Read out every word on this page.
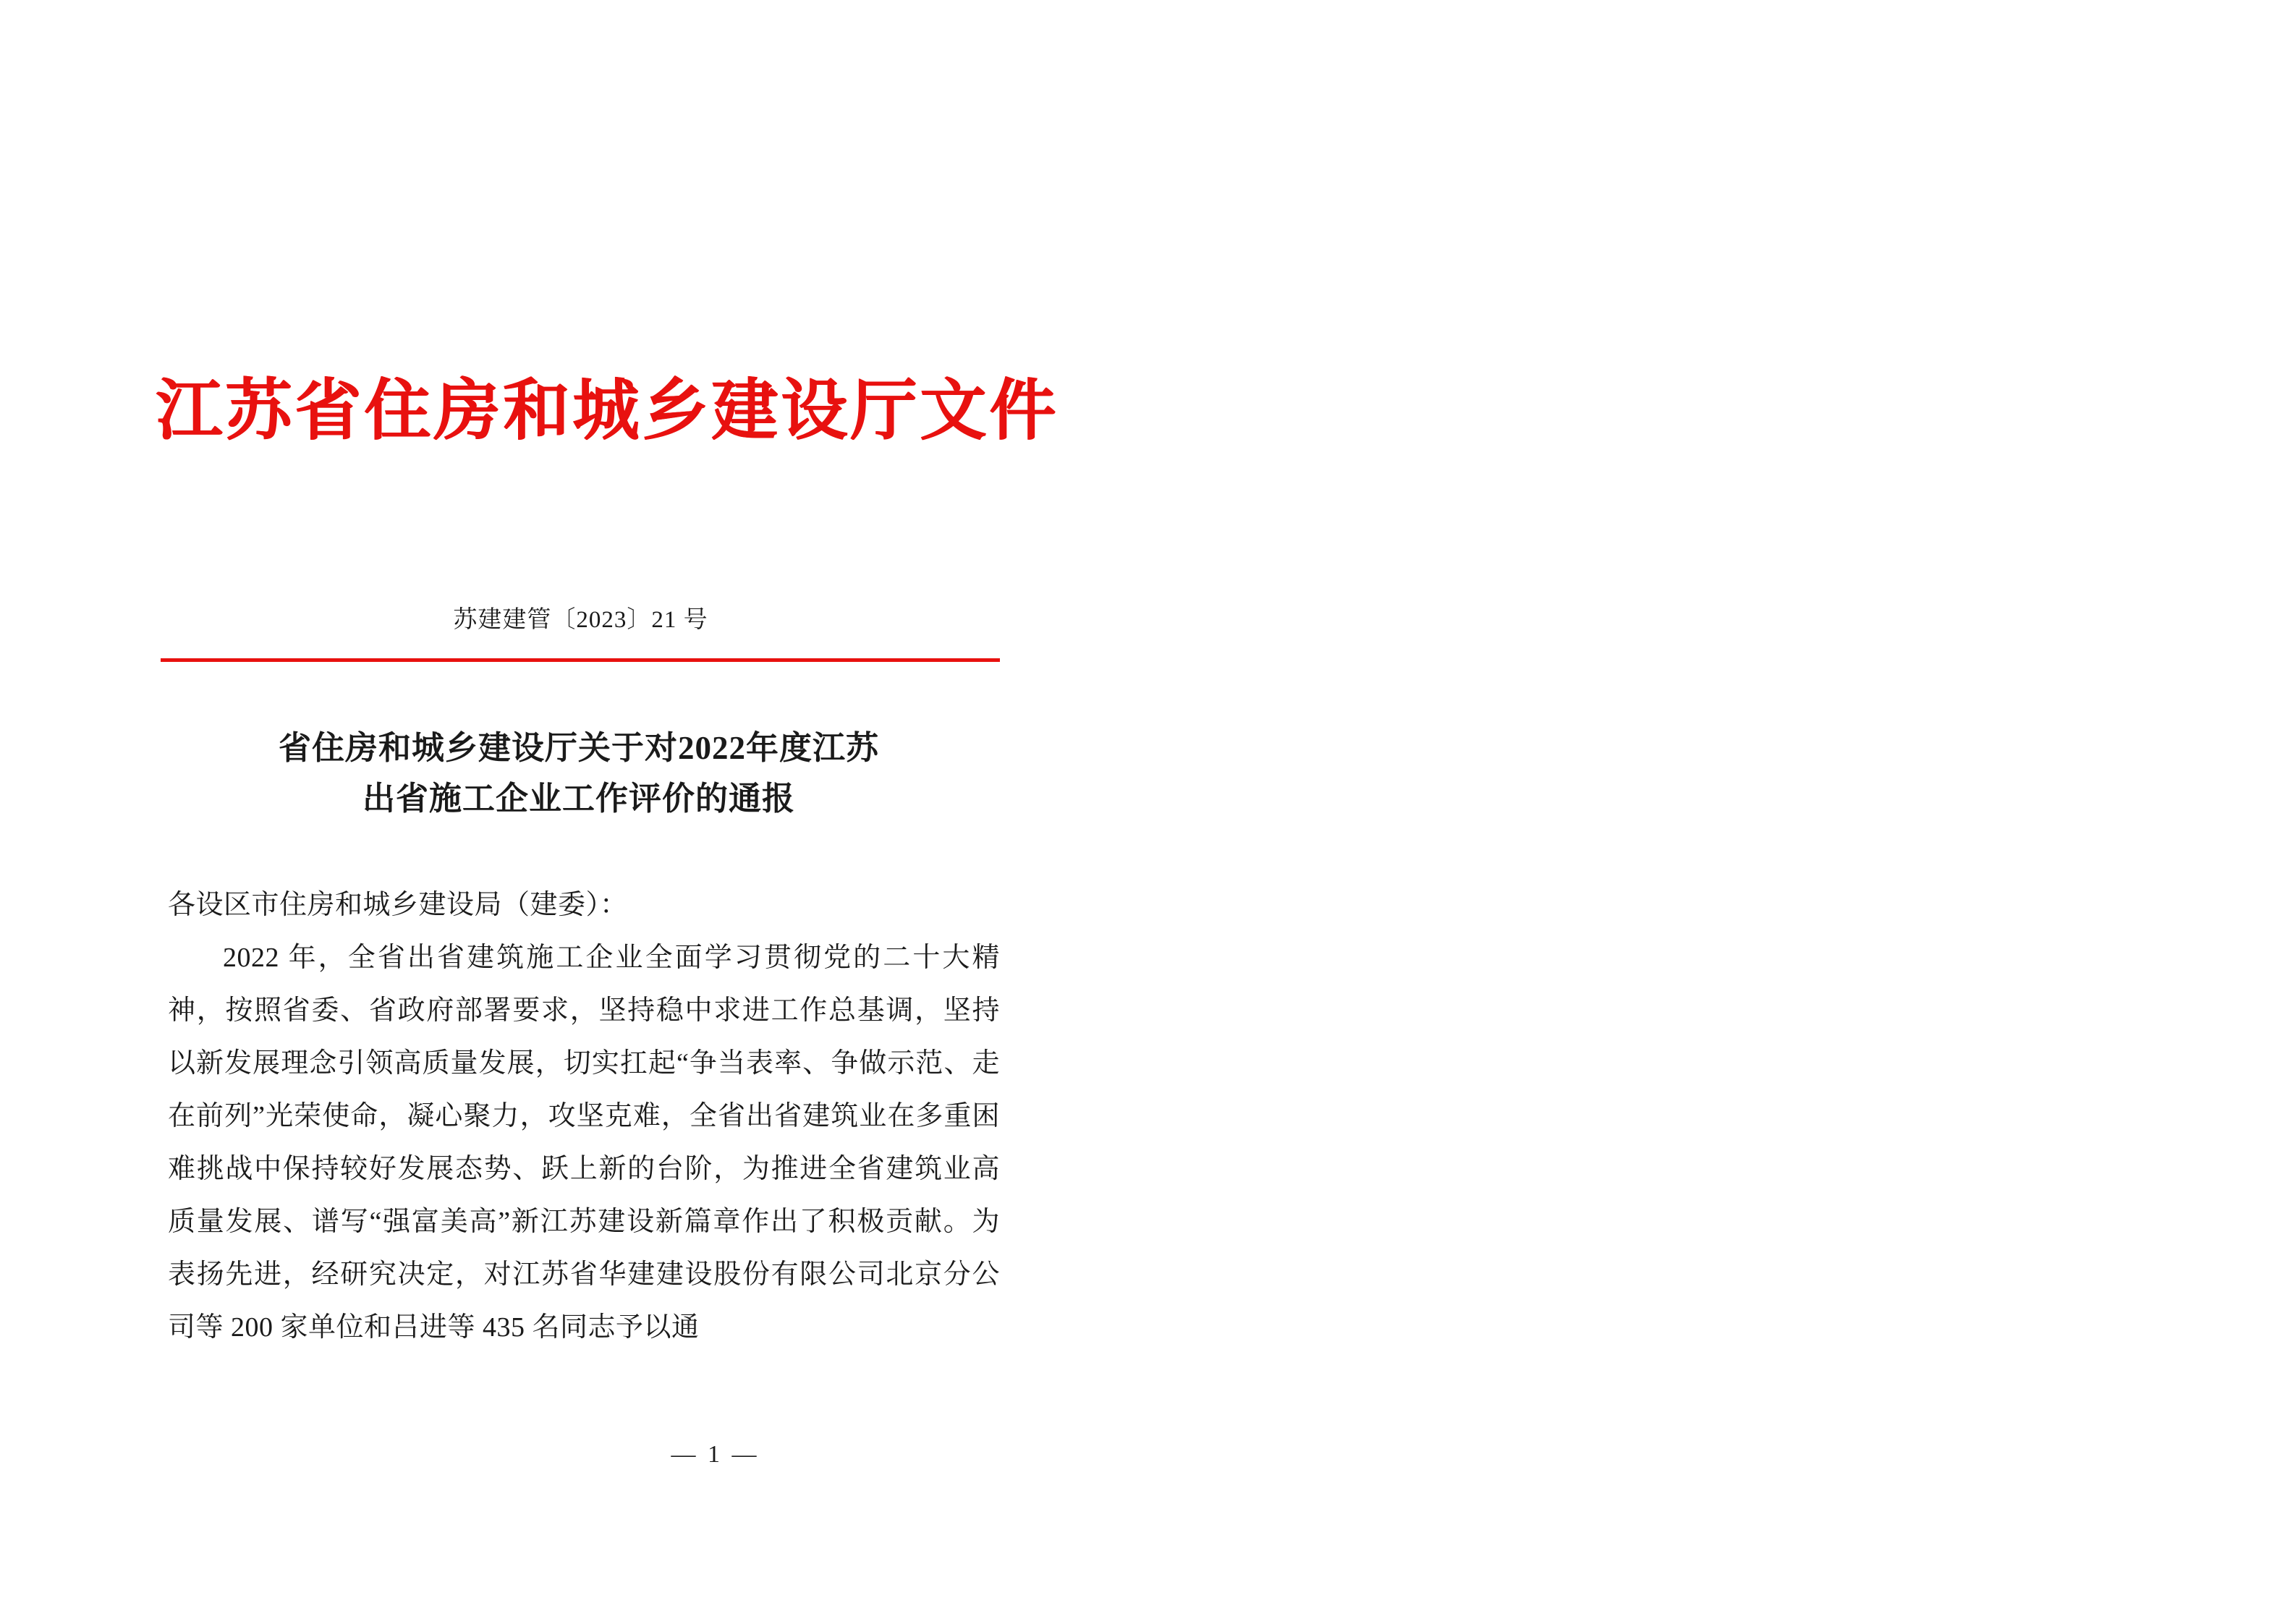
江苏省住房和城乡建设厅文件
苏建建管〔2023〕21 号
省住房和城乡建设厅关于对2022年度江苏
出省施工企业工作评价的通报

各设区市住房和城乡建设局（建委）：

2022 年，全省出省建筑施工企业全面学习贯彻党的二十大精神，按照省委、省政府部署要求，坚持稳中求进工作总基调，坚持以新发展理念引领高质量发展，切实扛起“争当表率、争做示范、走在前列”光荣使命，凝心聚力，攻坚克难，全省出省建筑业在多重困难挑战中保持较好发展态势、跃上新的台阶，为推进全省建筑业高质量发展、谱写“强富美高”新江苏建设新篇章作出了积极贡献。为表扬先进，经研究决定，对江苏省华建建设股份有限公司北京分公司等 200 家单位和吕进等 435 名同志予以通

— 1 —
